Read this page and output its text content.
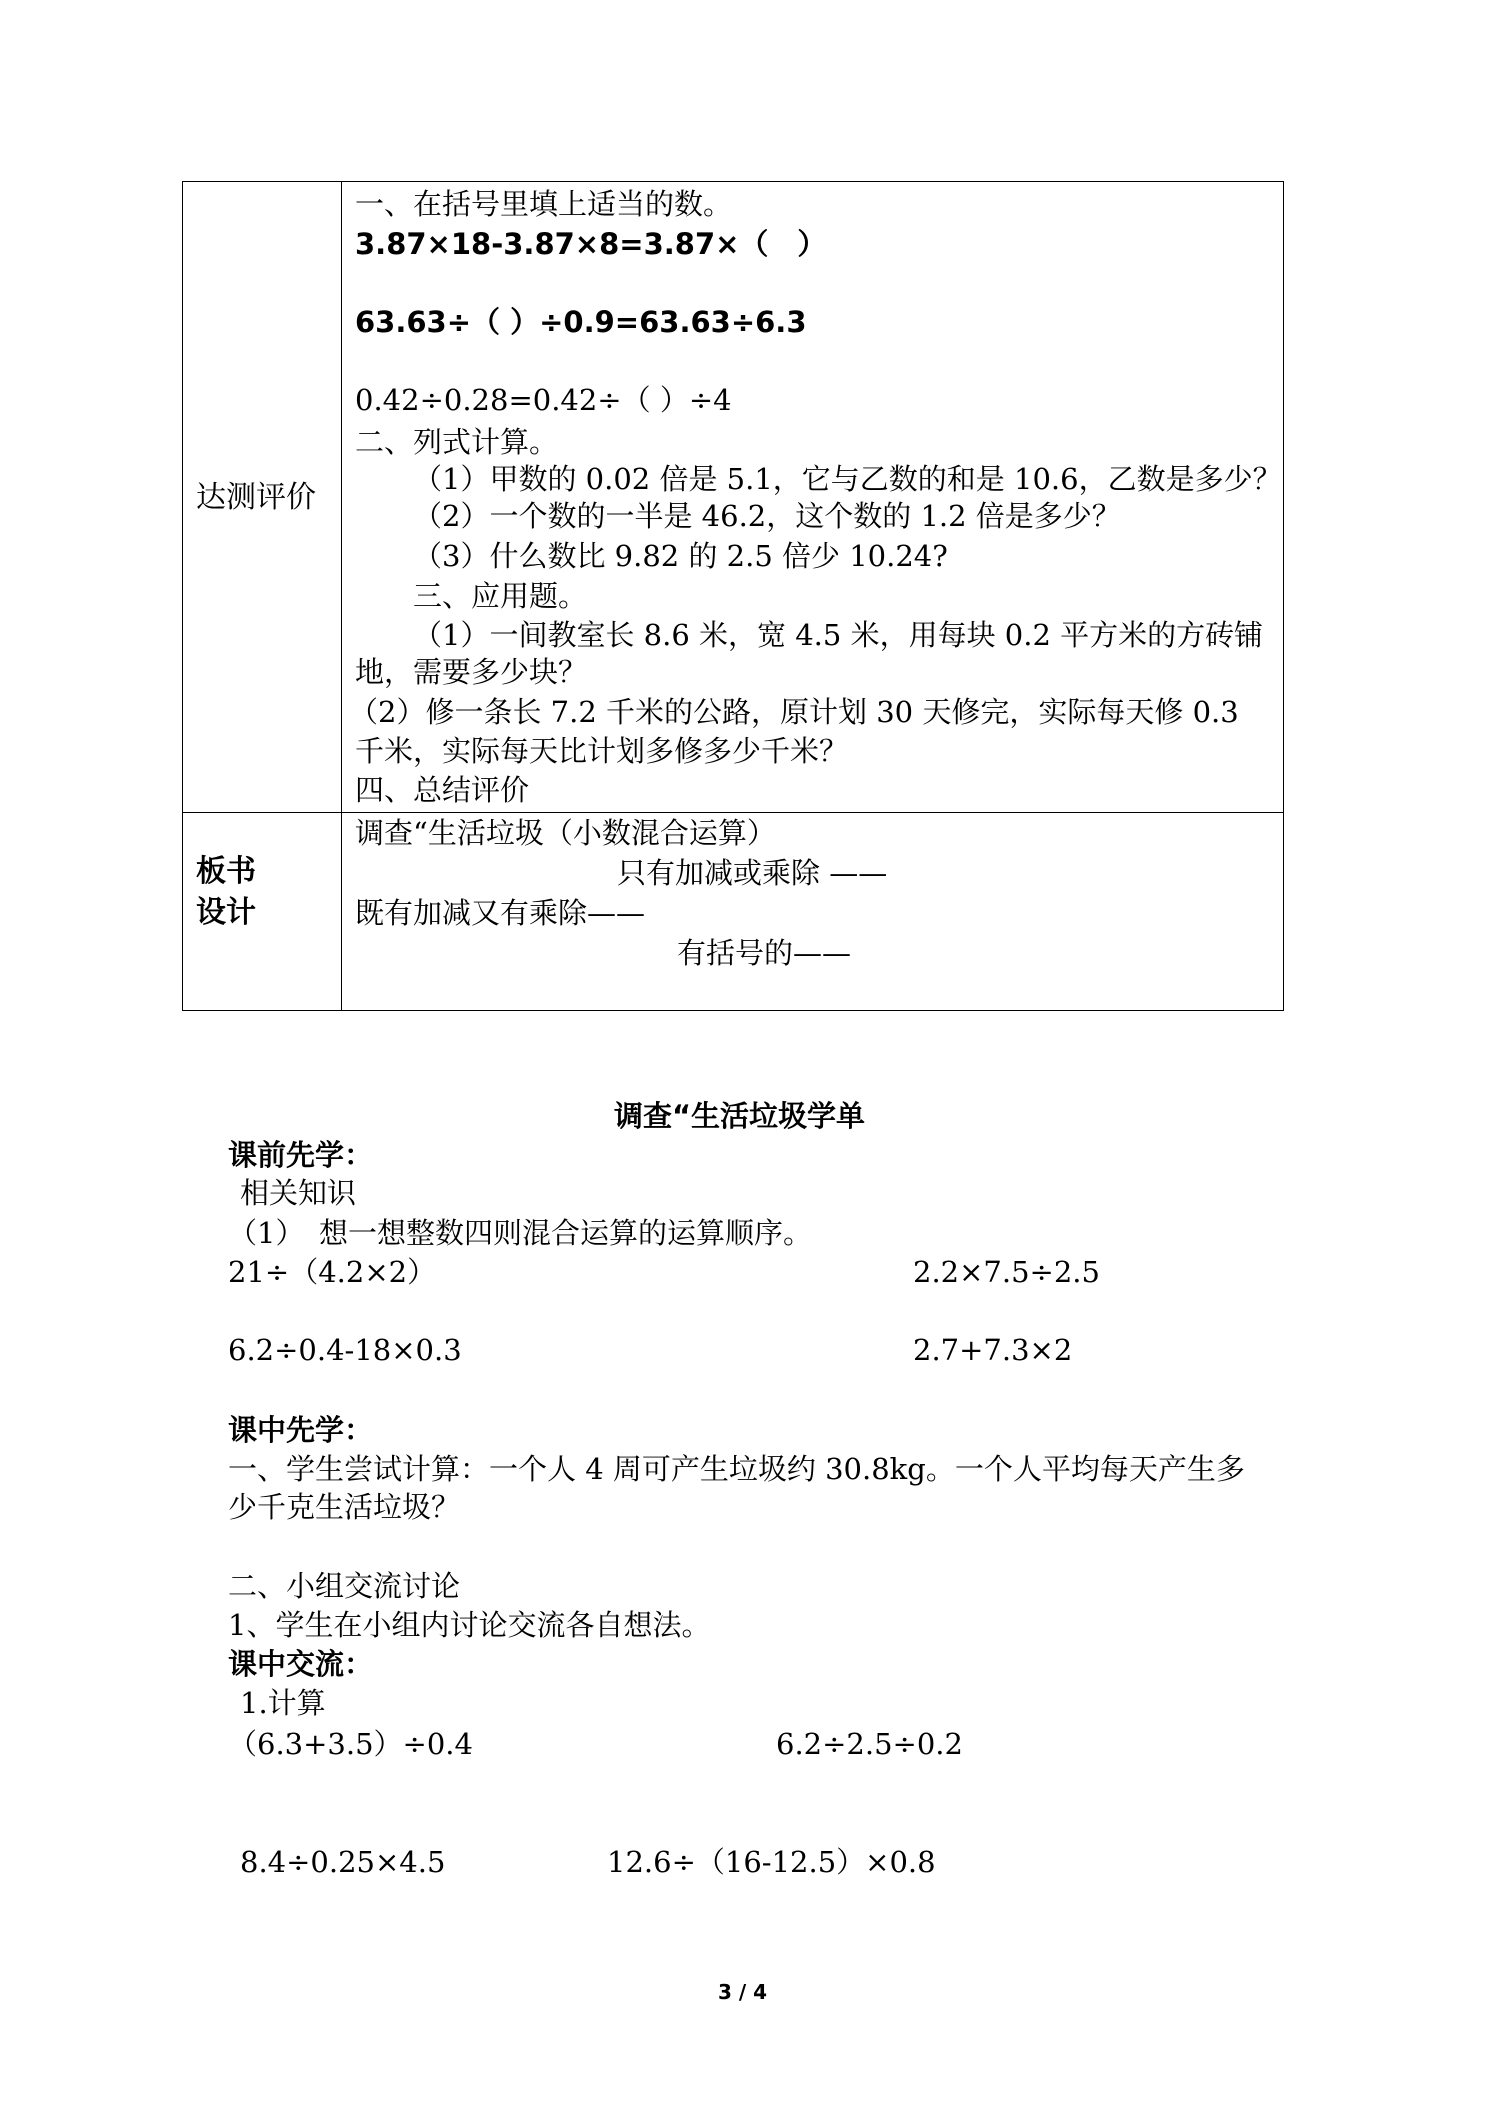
达测评价
一、在括号里填上适当的数。
3.87×18-3.87×8=3.87×（　）
63.63÷（ ）÷0.9=63.63÷6.3
0.42÷0.28=0.42÷（ ）÷4
二、列式计算。
（1）甲数的 0.02 倍是 5.1，它与乙数的和是 10.6，乙数是多少？
（2）一个数的一半是 46.2，这个数的 1.2 倍是多少？
（3）什么数比 9.82 的 2.5 倍少 10.24?
三、应用题。
（1）一间教室长 8.6 米，宽 4.5 米，用每块 0.2 平方米的方砖铺
地，需要多少块？
（2）修一条长 7.2 千米的公路，原计划 30 天修完，实际每天修 0.3
千米，实际每天比计划多修多少千米？
四、总结评价
板书
设计
调查“生活垃圾（小数混合运算）
只有加减或乘除 ——
既有加减又有乘除——
有括号的——
调查“生活垃圾学单
课前先学：
相关知识
（1）　想一想整数四则混合运算的运算顺序。
21÷（4.2×2）	2.2×7.5÷2.5
6.2÷0.4-18×0.3	2.7+7.3×2
课中先学：
一、学生尝试计算：一个人 4 周可产生垃圾约 30.8kg。一个人平均每天产生多
少千克生活垃圾？
二、小组交流讨论
1、学生在小组内讨论交流各自想法。
课中交流：
1.计算
（6.3+3.5）÷0.4	6.2÷2.5÷0.2
8.4÷0.25×4.5	12.6÷（16-12.5）×0.8
3 / 4
